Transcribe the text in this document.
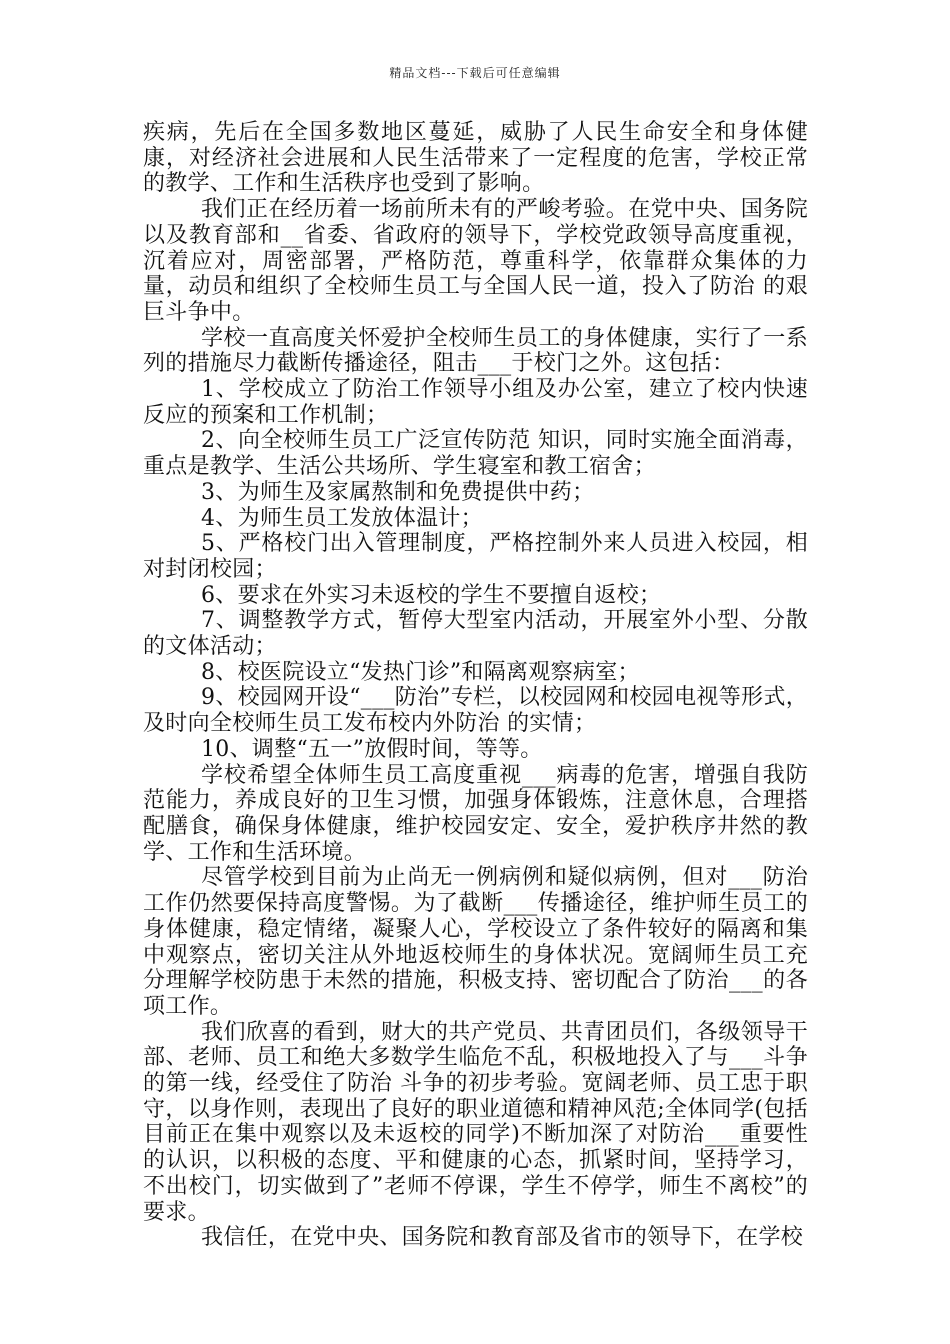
精品文档---下载后可任意编辑

疾病，先后在全国多数地区蔓延，威胁了人民生命安全和身体健康，对经济社会进展和人民生活带来了一定程度的危害，学校正常的教学、工作和生活秩序也受到了影响。

我们正在经历着一场前所未有的严峻考验。在党中央、国务院以及教育部和__省委、省政府的领导下，学校党政领导高度重视，沉着应对，周密部署，严格防范，尊重科学，依靠群众集体的力量，动员和组织了全校师生员工与全国人民一道，投入了防治 的艰巨斗争中。

学校一直高度关怀爱护全校师生员工的身体健康，实行了一系列的措施尽力截断传播途径，阻击___于校门之外。这包括：

1、学校成立了防治工作领导小组及办公室，建立了校内快速反应的预案和工作机制；

2、向全校师生员工广泛宣传防范 知识，同时实施全面消毒，重点是教学、生活公共场所、学生寝室和教工宿舍；

3、为师生及家属熬制和免费提供中药；

4、为师生员工发放体温计；

5、严格校门出入管理制度，严格控制外来人员进入校园，相对封闭校园；

6、要求在外实习未返校的学生不要擅自返校；

7、调整教学方式，暂停大型室内活动，开展室外小型、分散的文体活动；

8、校医院设立“发热门诊”和隔离观察病室；

9、校园网开设“___防治”专栏，以校园网和校园电视等形式，及时向全校师生员工发布校内外防治 的实情；

10、调整“五一”放假时间，等等。

学校希望全体师生员工高度重视___病毒的危害，增强自我防范能力，养成良好的卫生习惯，加强身体锻炼，注意休息，合理搭配膳食，确保身体健康，维护校园安定、安全，爱护秩序井然的教学、工作和生活环境。

尽管学校到目前为止尚无一例病例和疑似病例，但对___防治工作仍然要保持高度警惕。为了截断___传播途径，维护师生员工的身体健康，稳定情绪，凝聚人心，学校设立了条件较好的隔离和集中观察点，密切关注从外地返校师生的身体状况。宽阔师生员工充分理解学校防患于未然的措施，积极支持、密切配合了防治___的各项工作。

我们欣喜的看到，财大的共产党员、共青团员们，各级领导干部、老师、员工和绝大多数学生临危不乱，积极地投入了与___斗争的第一线，经受住了防治 斗争的初步考验。宽阔老师、员工忠于职守，以身作则，表现出了良好的职业道德和精神风范;全体同学(包括目前正在集中观察以及未返校的同学)不断加深了对防治___重要性的认识，以积极的态度、平和健康的心态，抓紧时间，坚持学习，不出校门，切实做到了”老师不停课，学生不停学，师生不离校”的要求。

我信任，在党中央、国务院和教育部及省市的领导下，在学校
